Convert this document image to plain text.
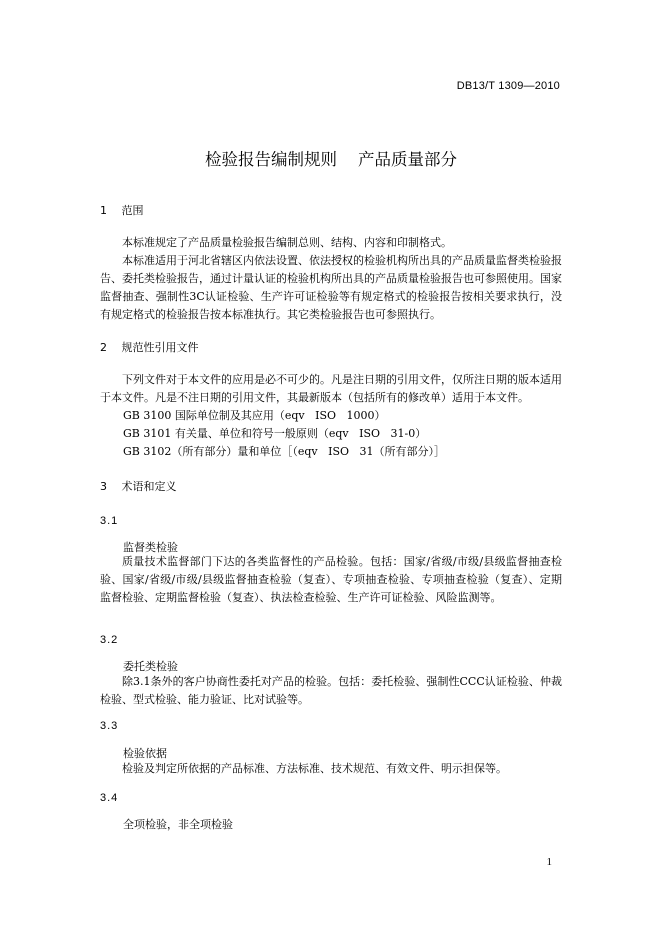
DB13/T 1309—2010
检验报告编制规则    产品质量部分
1 范围
本标准规定了产品质量检验报告编制总则、结构、内容和印制格式。
本标准适用于河北省辖区内依法设置、依法授权的检验机构所出具的产品质量监督类检验报告、委托类检验报告，通过计量认证的检验机构所出具的产品质量检验报告也可参照使用。国家监督抽查、强制性3C认证检验、生产许可证检验等有规定格式的检验报告按相关要求执行，没有规定格式的检验报告按本标准执行。其它类检验报告也可参照执行。
2 规范性引用文件
下列文件对于本文件的应用是必不可少的。凡是注日期的引用文件，仅所注日期的版本适用于本文件。凡是不注日期的引用文件，其最新版本（包括所有的修改单）适用于本文件。
GB 3100 国际单位制及其应用（eqv   ISO   1000）
GB 3101 有关量、单位和符号一般原则（eqv   ISO   31-0）
GB 3102（所有部分）量和单位［（eqv   ISO   31（所有部分）］
3 术语和定义
3.1
监督类检验
质量技术监督部门下达的各类监督性的产品检验。包括：国家/省级/市级/县级监督抽查检验、国家/省级/市级/县级监督抽查检验（复查）、专项抽查检验、专项抽查检验（复查）、定期监督检验、定期监督检验（复查）、执法检查检验、生产许可证检验、风险监测等。
3.2
委托类检验
除3.1条外的客户协商性委托对产品的检验。包括：委托检验、强制性CCC认证检验、仲裁检验、型式检验、能力验证、比对试验等。
3.3
检验依据
检验及判定所依据的产品标准、方法标准、技术规范、有效文件、明示担保等。
3.4
全项检验，非全项检验
1
